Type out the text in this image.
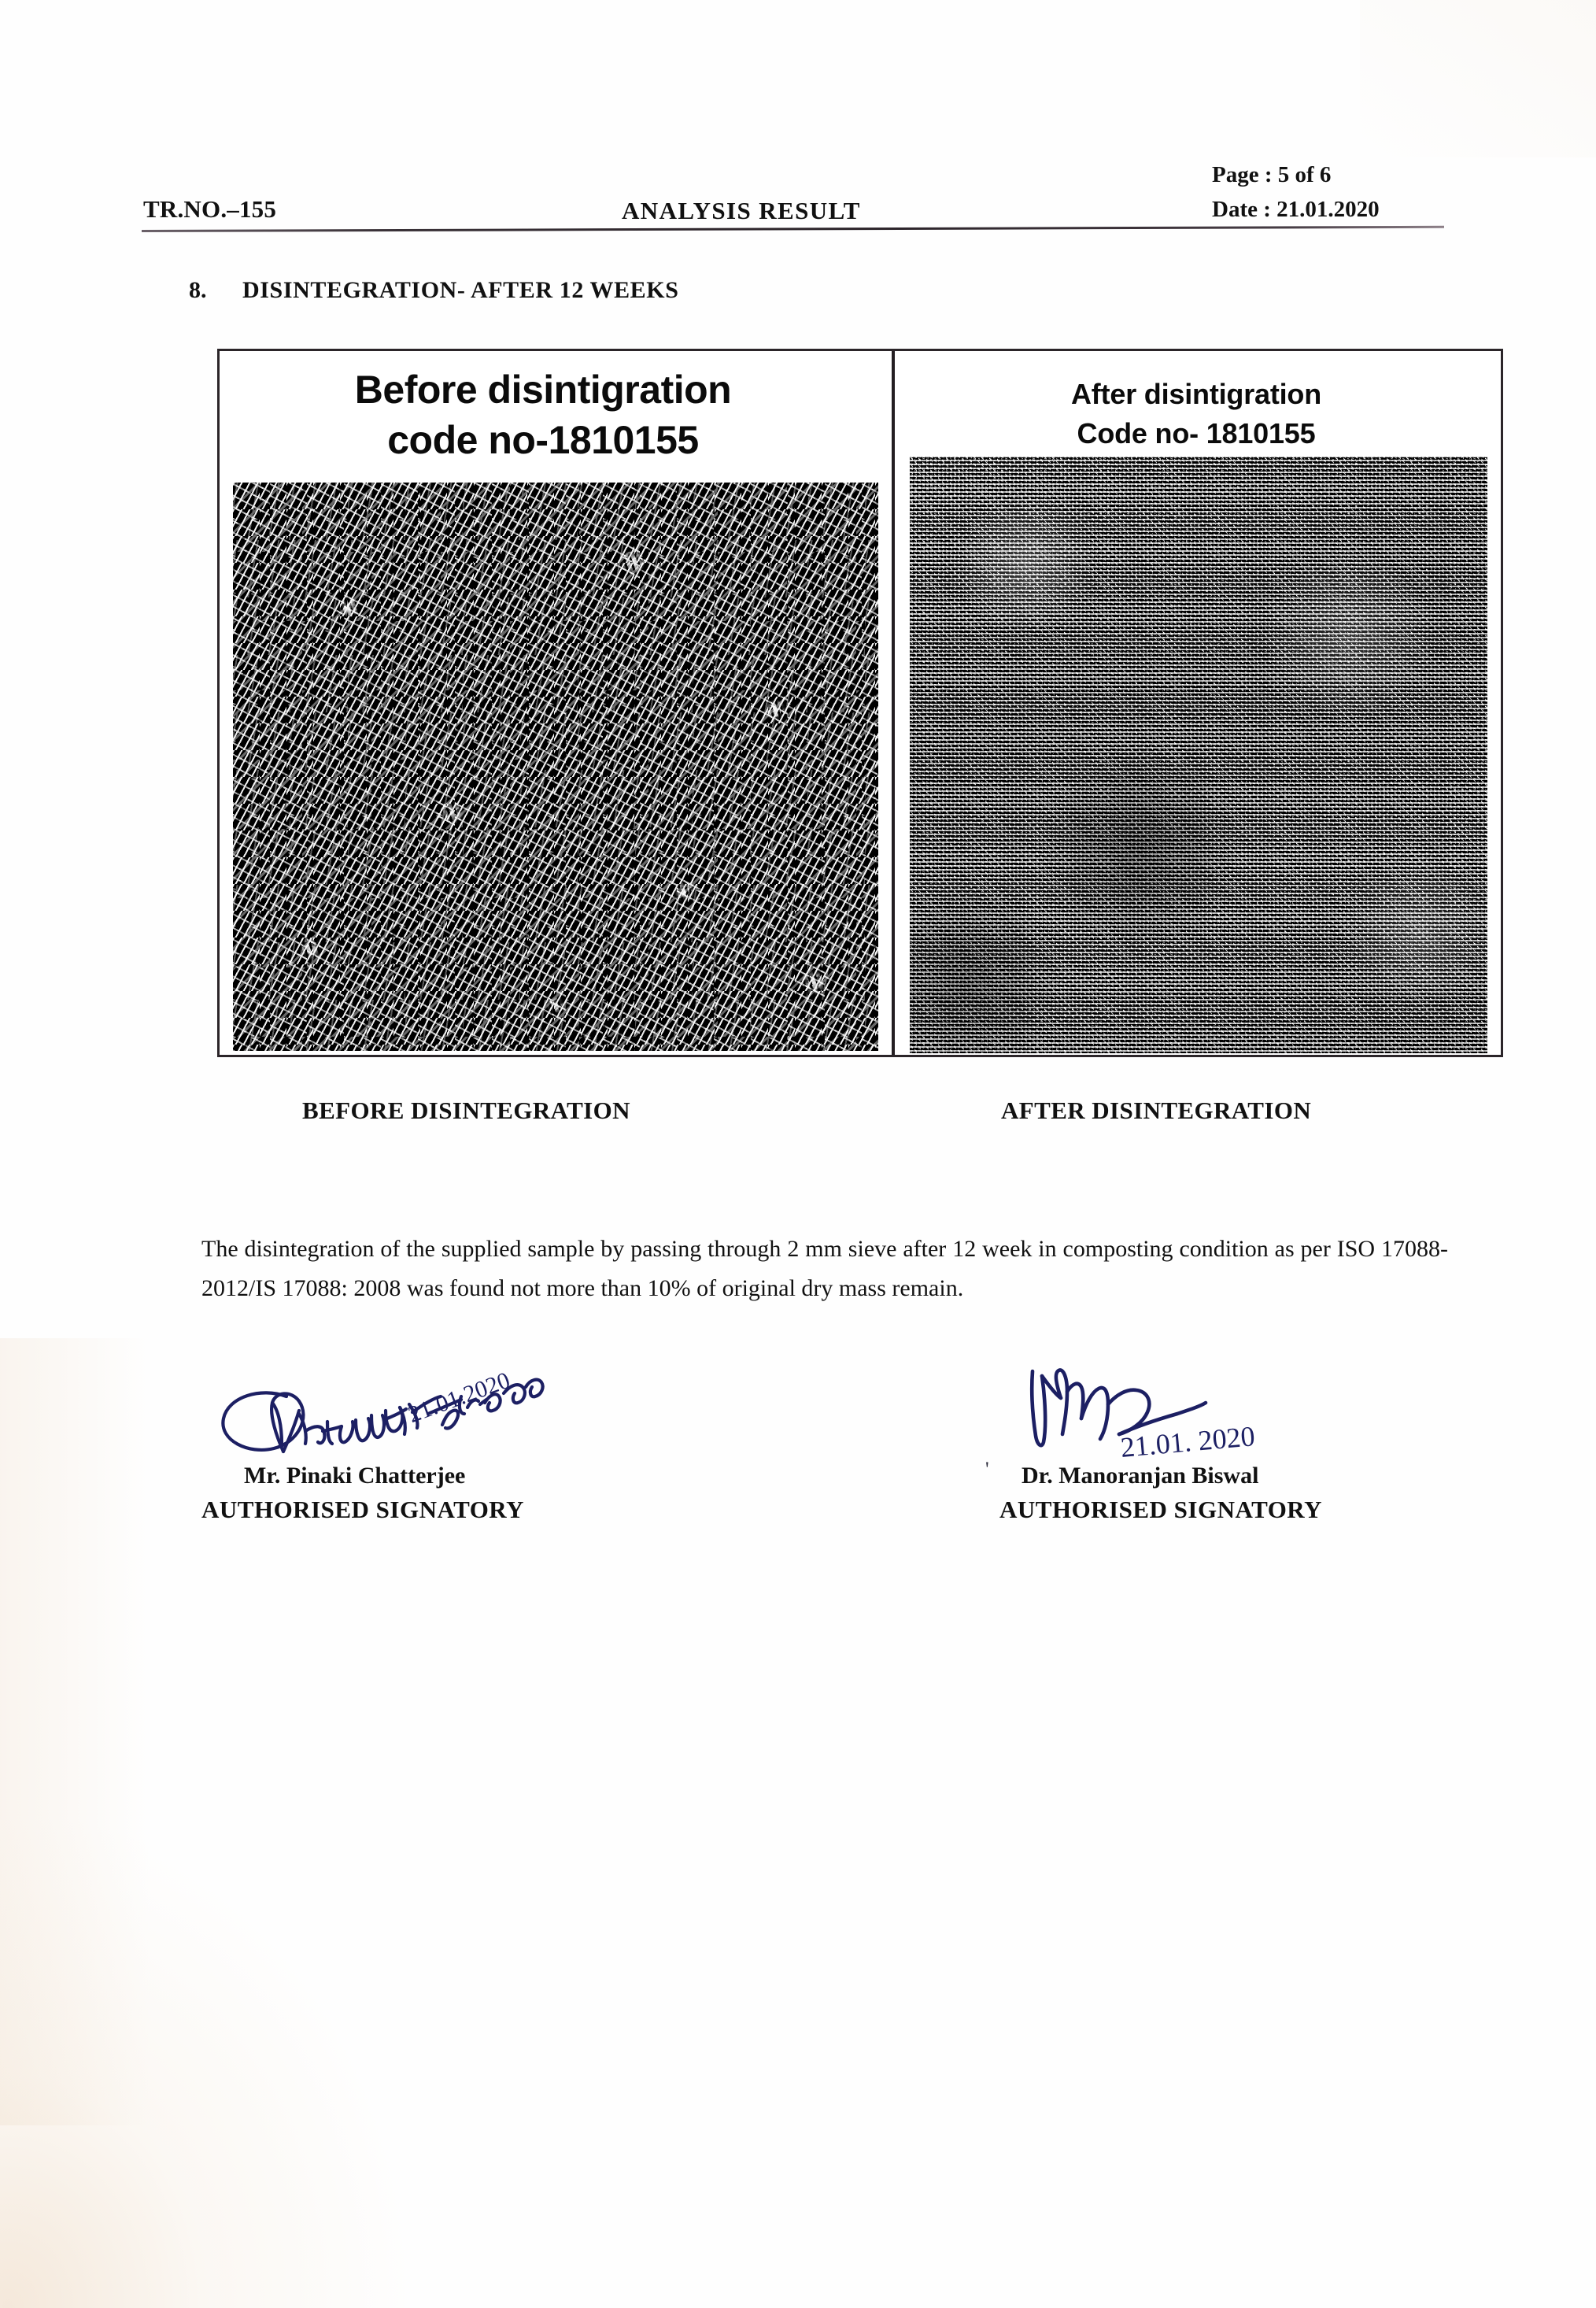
TR.NO.–155	ANALYSIS RESULT
Page : 5 of 6
Date : 21.01.2020
8. DISINTEGRATION- AFTER 12 WEEKS
Before disintigration
code no-1810155
After disintigration
Code no- 1810155
BEFORE DISINTEGRATION	AFTER DISINTEGRATION
The disintegration of the supplied sample by passing through 2 mm sieve after 12 week in composting condition as per ISO 17088-2012/IS 17088: 2008 was found not more than 10% of original dry mass remain.
21.01.2020
Mr. Pinaki Chatterjee
AUTHORISED SIGNATORY
21.01. 2020
' Dr. Manoranjan Biswal
AUTHORISED SIGNATORY
